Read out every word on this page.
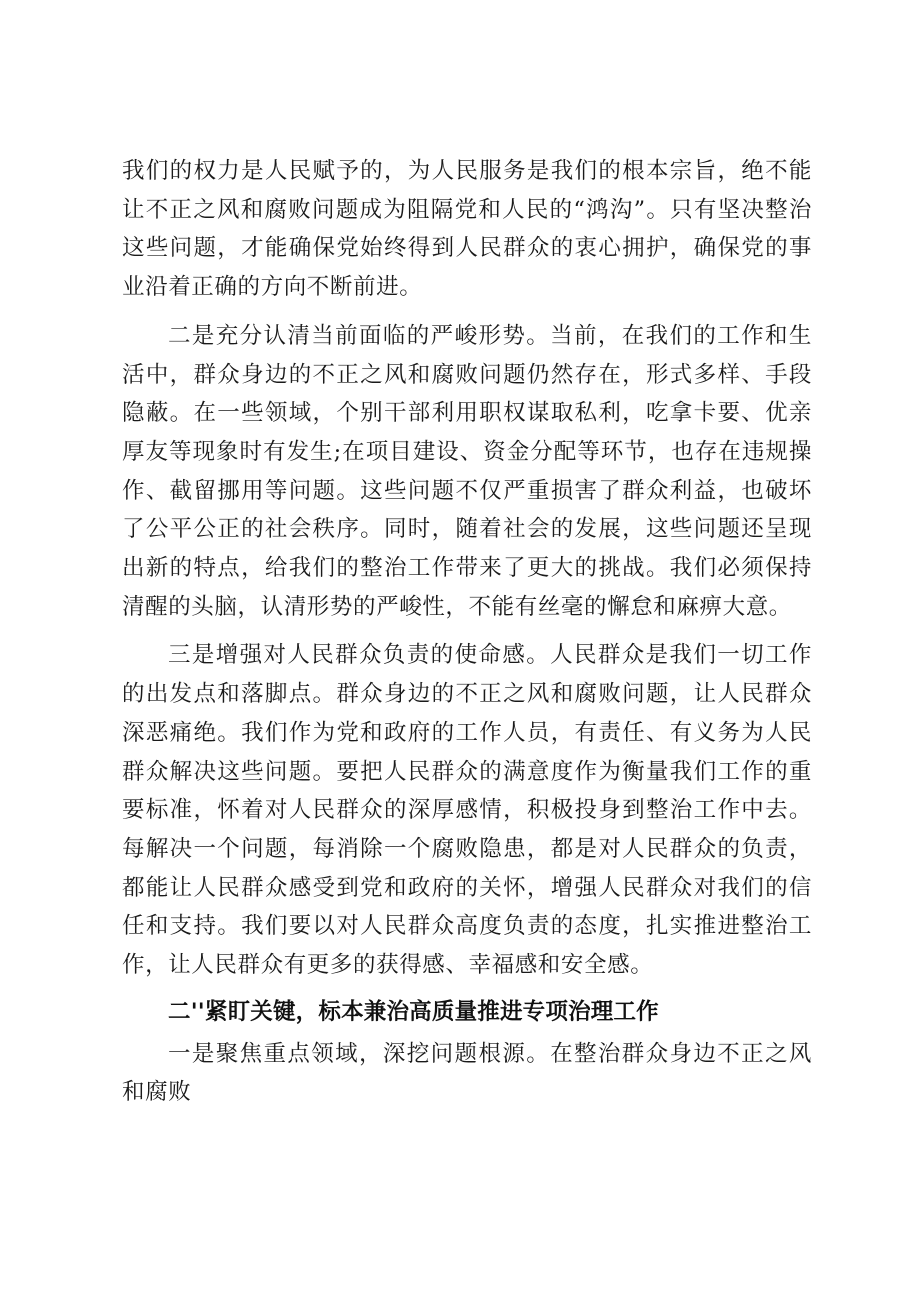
我们的权力是人民赋予的，为人民服务是我们的根本宗旨，绝不能让不正之风和腐败问题成为阻隔党和人民的“鸿沟”。只有坚决整治这些问题，才能确保党始终得到人民群众的衷心拥护，确保党的事业沿着正确的方向不断前进。

二是充分认清当前面临的严峻形势。当前，在我们的工作和生活中，群众身边的不正之风和腐败问题仍然存在，形式多样、手段隐蔽。在一些领域，个别干部利用职权谋取私利，吃拿卡要、优亲厚友等现象时有发生;在项目建设、资金分配等环节，也存在违规操作、截留挪用等问题。这些问题不仅严重损害了群众利益，也破坏了公平公正的社会秩序。同时，随着社会的发展，这些问题还呈现出新的特点，给我们的整治工作带来了更大的挑战。我们必须保持清醒的头脑，认清形势的严峻性，不能有丝毫的懈怠和麻痹大意。

三是增强对人民群众负责的使命感。人民群众是我们一切工作的出发点和落脚点。群众身边的不正之风和腐败问题，让人民群众深恶痛绝。我们作为党和政府的工作人员，有责任、有义务为人民群众解决这些问题。要把人民群众的满意度作为衡量我们工作的重要标准，怀着对人民群众的深厚感情，积极投身到整治工作中去。每解决一个问题，每消除一个腐败隐患，都是对人民群众的负责，都能让人民群众感受到党和政府的关怀，增强人民群众对我们的信任和支持。我们要以对人民群众高度负责的态度，扎实推进整治工作，让人民群众有更多的获得感、幸福感和安全感。

二''紧盯关键，标本兼治高质量推进专项治理工作

一是聚焦重点领域，深挖问题根源。在整治群众身边不正之风和腐败
